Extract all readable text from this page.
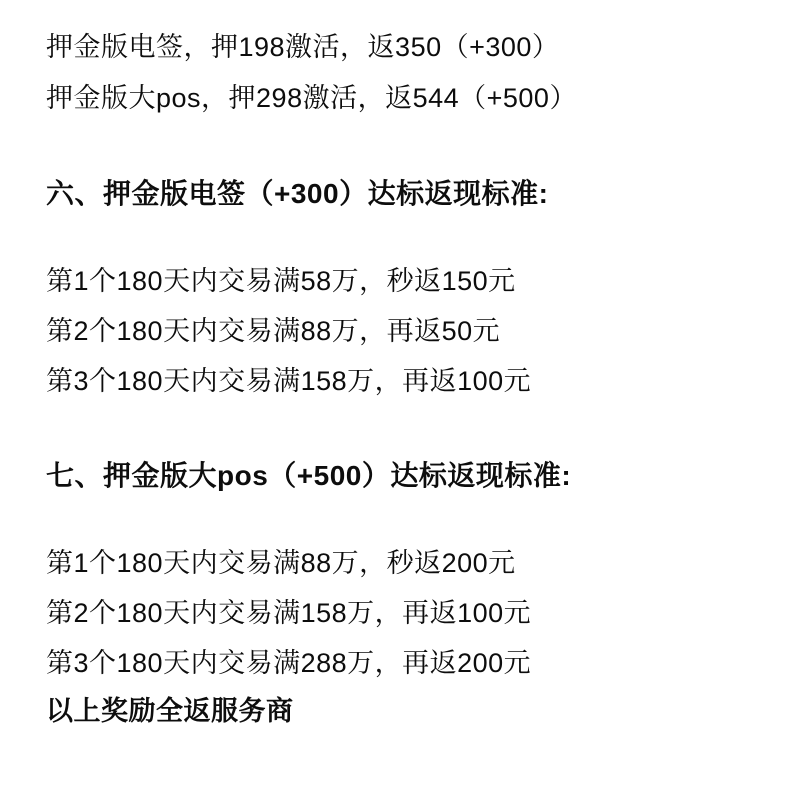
押金版电签，押198激活，返350（+300）
押金版大pos，押298激活，返544（+500）
六、押金版电签（+300）达标返现标准:
第1个180天内交易满58万，秒返150元
第2个180天内交易满88万，再返50元
第3个180天内交易满158万，再返100元
七、押金版大pos（+500）达标返现标准:
第1个180天内交易满88万，秒返200元
第2个180天内交易满158万，再返100元
第3个180天内交易满288万，再返200元
以上奖励全返服务商
